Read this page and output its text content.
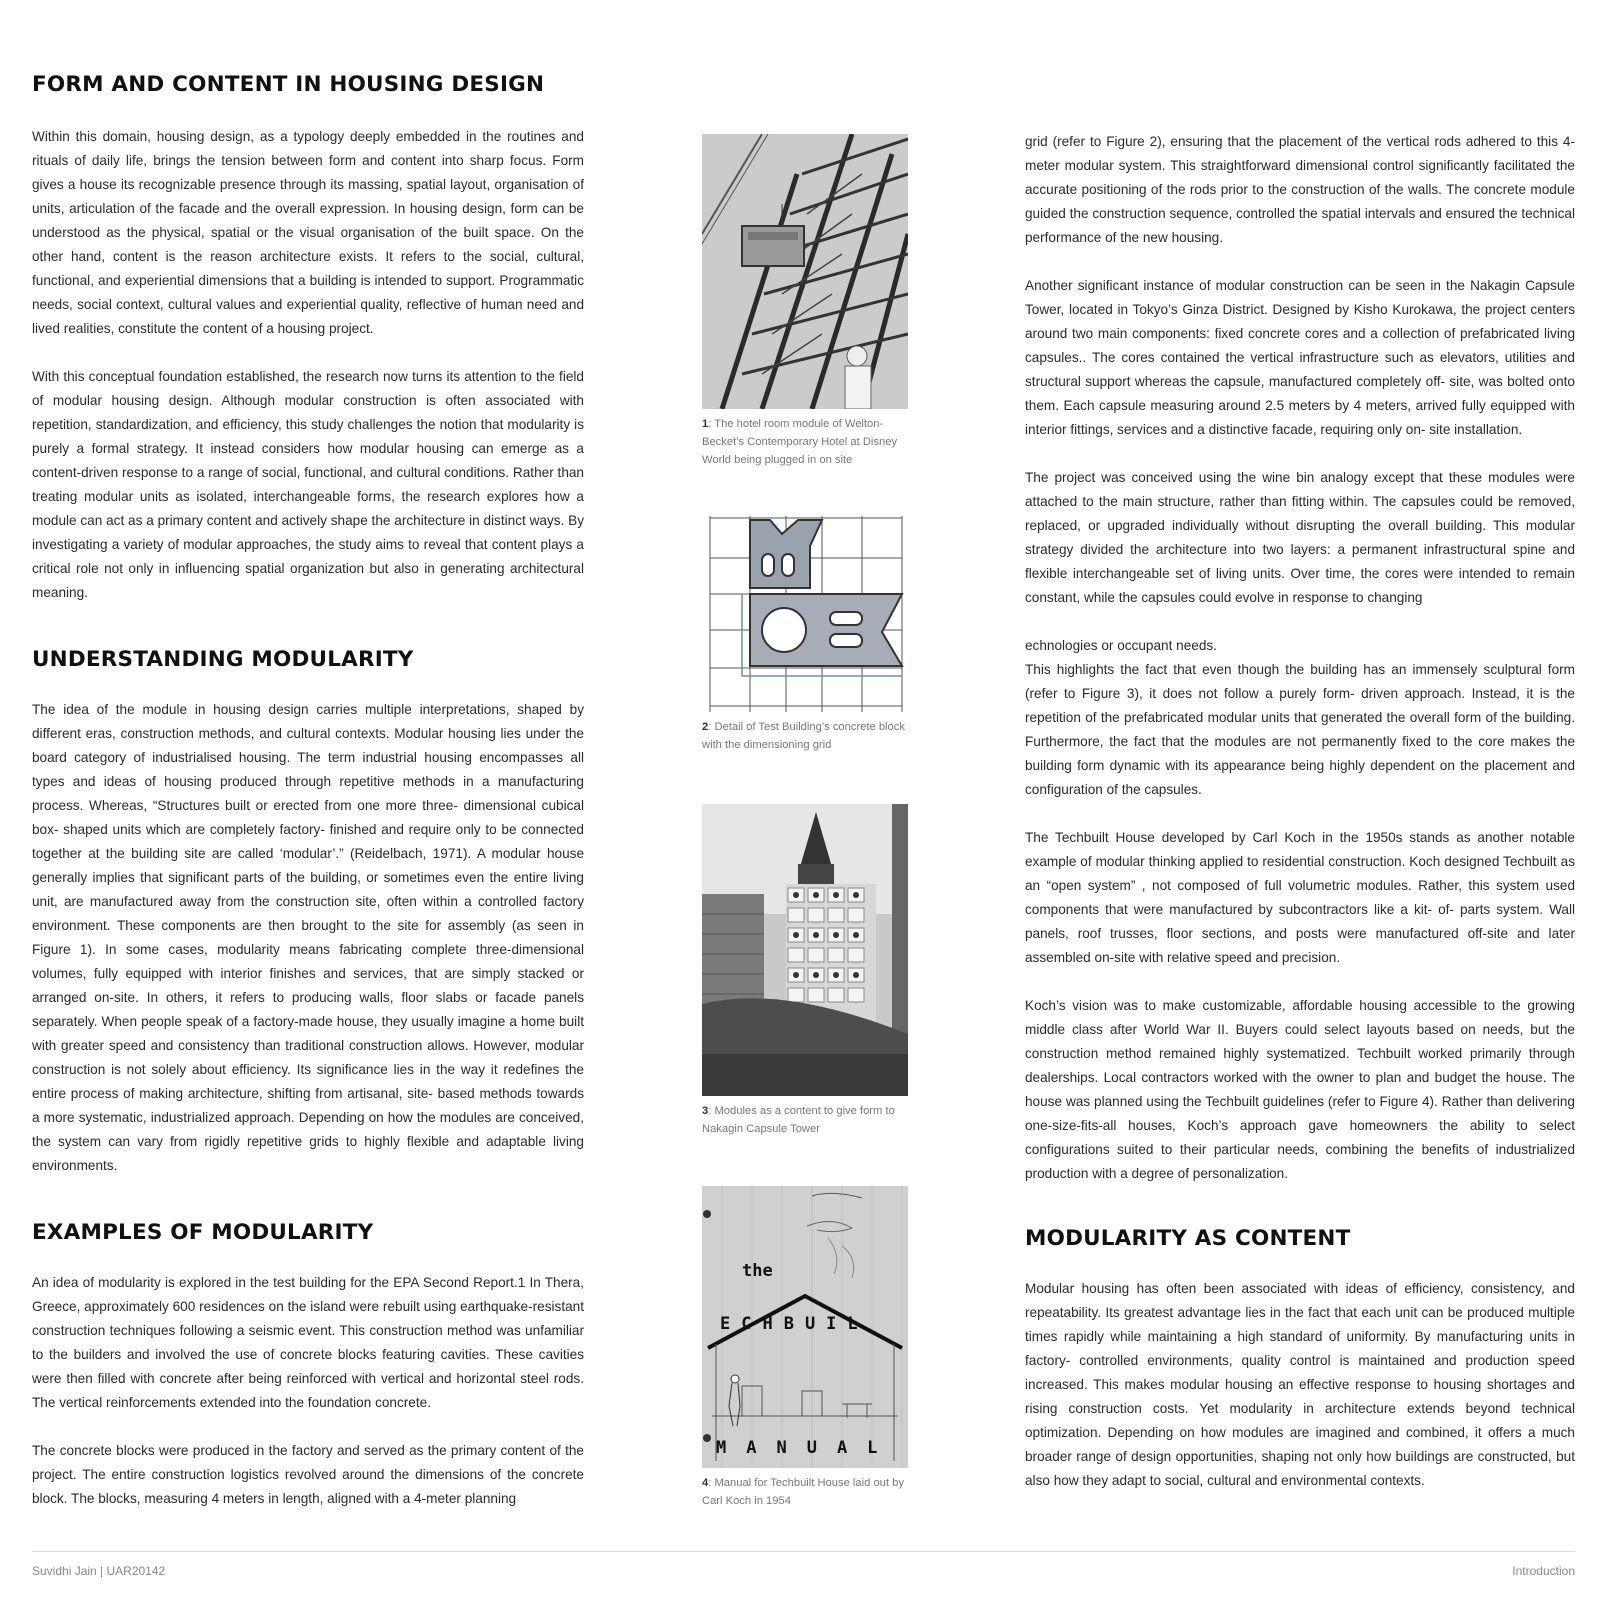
FORM AND CONTENT IN HOUSING DESIGN

Within this domain, housing design, as a typology deeply embedded in the routines and rituals of daily life, brings the tension between form and content into sharp focus. Form gives a house its recognizable presence through its massing, spatial layout, organisation of units, articulation of the facade and the overall expression. In housing design, form can be understood as the physical, spatial or the visual organisation of the built space. On the other hand, content is the reason architecture exists. It refers to the social, cultural, functional, and experiential dimensions that a building is intended to support. Programmatic needs, social context, cultural values and experiential quality, reflective of human need and lived realities, constitute the content of a housing project.

With this conceptual foundation established, the research now turns its attention to the field of modular housing design. Although modular construction is often associated with repetition, standardization, and efficiency, this study challenges the notion that modularity is purely a formal strategy. It instead considers how modular housing can emerge as a content-driven response to a range of social, functional, and cultural conditions. Rather than treating modular units as isolated, interchangeable forms, the research explores how a module can act as a primary content and actively shape the architecture in distinct ways. By investigating a variety of modular approaches, the study aims to reveal that content plays a critical role not only in influencing spatial organization but also in generating architectural meaning.

UNDERSTANDING MODULARITY

The idea of the module in housing design carries multiple interpretations, shaped by different eras, construction methods, and cultural contexts. Modular housing lies under the board category of industrialised housing. The term industrial housing encompasses all types and ideas of housing produced through repetitive methods in a manufacturing process. Whereas, “Structures built or erected from one more three- dimensional cubical box- shaped units which are completely factory- finished and require only to be connected together at the building site are called ‘modular’.” (Reidelbach, 1971). A modular house generally implies that significant parts of the building, or sometimes even the entire living unit, are manufactured away from the construction site, often within a controlled factory environment. These components are then brought to the site for assembly (as seen in Figure 1). In some cases, modularity means fabricating complete three-dimensional volumes, fully equipped with interior finishes and services, that are simply stacked or arranged on-site. In others, it refers to producing walls, floor slabs or facade panels separately. When people speak of a factory-made house, they usually imagine a home built with greater speed and consistency than traditional construction allows. However, modular construction is not solely about efficiency. Its significance lies in the way it redefines the entire process of making architecture, shifting from artisanal, site- based methods towards a more systematic, industrialized approach. Depending on how the modules are conceived, the system can vary from rigidly repetitive grids to highly flexible and adaptable living environments.

EXAMPLES OF MODULARITY

An idea of modularity is explored in the test building for the EPA Second Report.1 In Thera, Greece, approximately 600 residences on the island were rebuilt using earthquake-resistant construction techniques following a seismic event. This construction method was unfamiliar to the builders and involved the use of concrete blocks featuring cavities. These cavities were then filled with concrete after being reinforced with vertical and horizontal steel rods. The vertical reinforcements extended into the foundation concrete.

The concrete blocks were produced in the factory and served as the primary content of the project. The entire construction logistics revolved around the dimensions of the concrete block. The blocks, measuring 4 meters in length, aligned with a 4-meter planning

1: The hotel room module of Welton-Becket’s Contemporary Hotel at Disney World being plugged in on site
2: Detail of Test Building’s concrete block with the dimensioning grid
3: Modules as a content to give form to Nakagin Capsule Tower
the
ECHBUIL
MANUAL
4: Manual for Techbuilt House laid out by Carl Koch in 1954

grid (refer to Figure 2), ensuring that the placement of the vertical rods adhered to this 4-meter modular system. This straightforward dimensional control significantly facilitated the accurate positioning of the rods prior to the construction of the walls. The concrete module guided the construction sequence, controlled the spatial intervals and ensured the technical performance of the new housing.

Another significant instance of modular construction can be seen in the Nakagin Capsule Tower, located in Tokyo’s Ginza District. Designed by Kisho Kurokawa, the project centers around two main components: fixed concrete cores and a collection of prefabricated living capsules.. The cores contained the vertical infrastructure such as elevators, utilities and structural support whereas the capsule, manufactured completely off- site, was bolted onto them. Each capsule measuring around 2.5 meters by 4 meters, arrived fully equipped with interior fittings, services and a distinctive facade, requiring only on- site installation.

The project was conceived using the wine bin analogy except that these modules were attached to the main structure, rather than fitting within. The capsules could be removed, replaced, or upgraded individually without disrupting the overall building. This modular strategy divided the architecture into two layers: a permanent infrastructural spine and flexible interchangeable set of living units. Over time, the cores were intended to remain constant, while the capsules could evolve in response to changing

echnologies or occupant needs.

This highlights the fact that even though the building has an immensely sculptural form (refer to Figure 3), it does not follow a purely form- driven approach. Instead, it is the repetition of the prefabricated modular units that generated the overall form of the building. Furthermore, the fact that the modules are not permanently fixed to the core makes the building form dynamic with its appearance being highly dependent on the placement and configuration of the capsules.

The Techbuilt House developed by Carl Koch in the 1950s stands as another notable example of modular thinking applied to residential construction. Koch designed Techbuilt as an “open system” , not composed of full volumetric modules. Rather, this system used components that were manufactured by subcontractors like a kit- of- parts system. Wall panels, roof trusses, floor sections, and posts were manufactured off-site and later assembled on-site with relative speed and precision.

Koch’s vision was to make customizable, affordable housing accessible to the growing middle class after World War II. Buyers could select layouts based on needs, but the construction method remained highly systematized. Techbuilt worked primarily through dealerships. Local contractors worked with the owner to plan and budget the house. The house was planned using the Techbuilt guidelines (refer to Figure 4). Rather than delivering one-size-fits-all houses, Koch’s approach gave homeowners the ability to select configurations suited to their particular needs, combining the benefits of industrialized production with a degree of personalization.

MODULARITY AS CONTENT

Modular housing has often been associated with ideas of efficiency, consistency, and repeatability. Its greatest advantage lies in the fact that each unit can be produced multiple times rapidly while maintaining a high standard of uniformity. By manufacturing units in factory- controlled environments, quality control is maintained and production speed increased. This makes modular housing an effective response to housing shortages and rising construction costs. Yet modularity in architecture extends beyond technical optimization. Depending on how modules are imagined and combined, it offers a much broader range of design opportunities, shaping not only how buildings are constructed, but also how they adapt to social, cultural and environmental contexts.

Suvidhi Jain | UAR20142	Introduction
